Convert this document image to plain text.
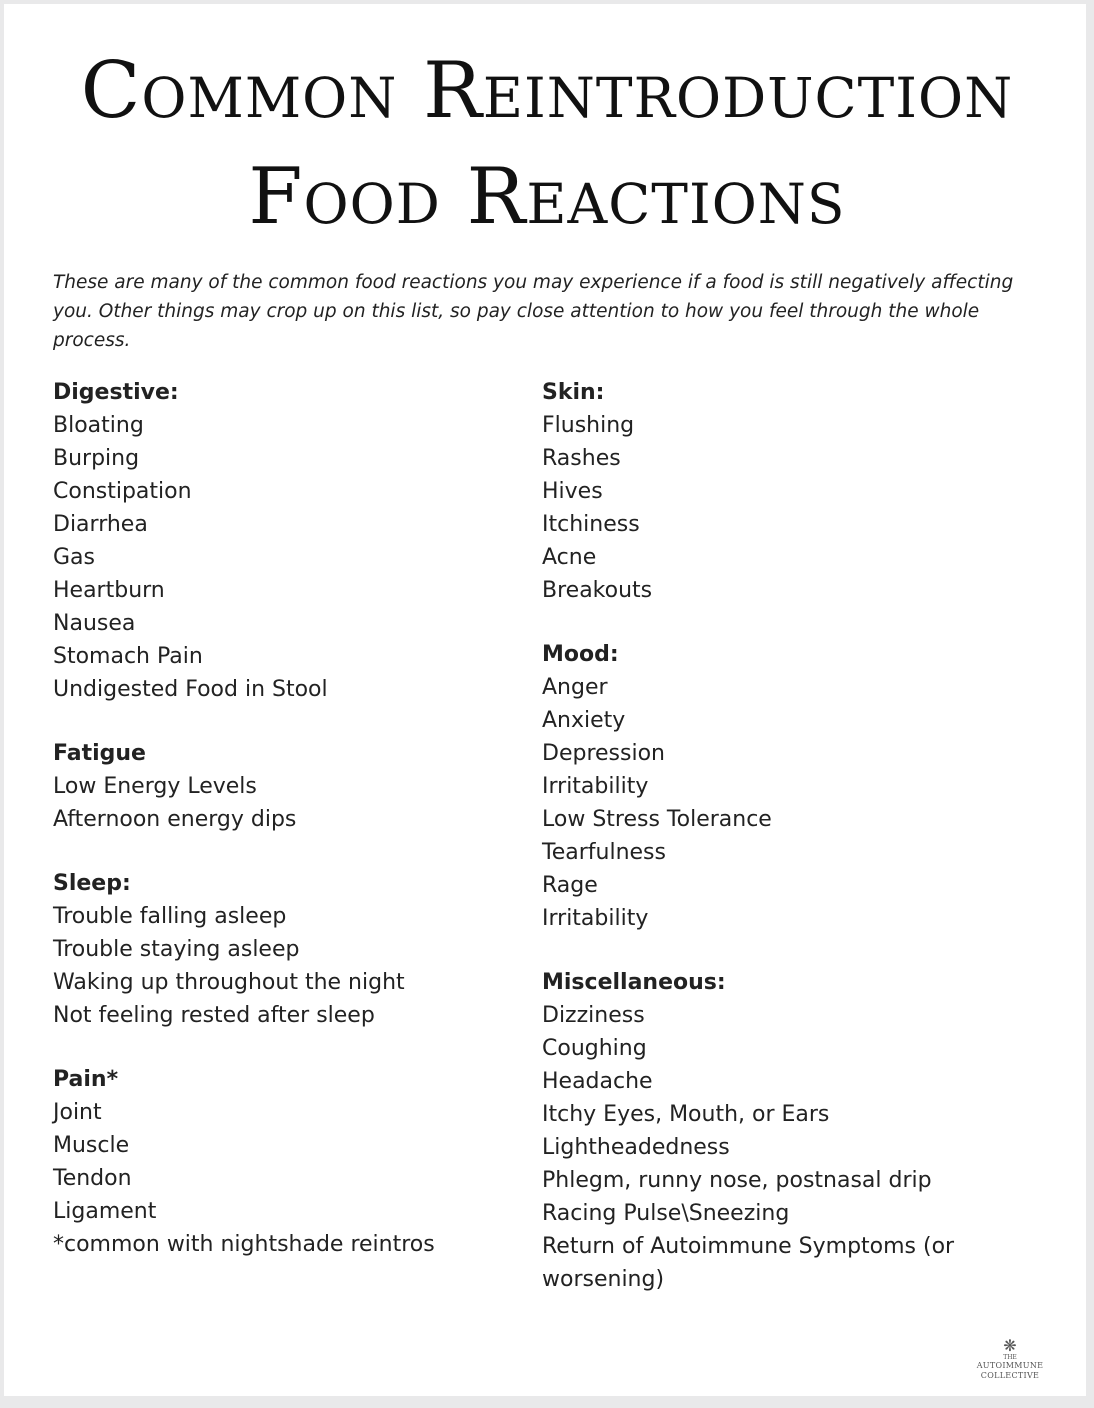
Common Reintroduction
Food Reactions

These are many of the common food reactions you may experience if a food is still negatively affecting you. Other things may crop up on this list, so pay close attention to how you feel through the whole process.

Digestive:
Bloating
Burping
Constipation
Diarrhea
Gas
Heartburn
Nausea
Stomach Pain
Undigested Food in Stool
Fatigue
Low Energy Levels
Afternoon energy dips
Sleep:
Trouble falling asleep
Trouble staying asleep
Waking up throughout the night
Not feeling rested after sleep
Pain*
Joint
Muscle
Tendon
Ligament

*common with nightshade reintros

Skin:
Flushing
Rashes
Hives
Itchiness
Acne
Breakouts
Mood:
Anger
Anxiety
Depression
Irritability
Low Stress Tolerance
Tearfulness
Rage
Irritability
Miscellaneous:
Dizziness
Coughing
Headache
Itchy Eyes, Mouth, or Ears
Lightheadedness
Phlegm, runny nose, postnasal drip
Racing Pulse\Sneezing
Return of Autoimmune Symptoms (or worsening)
❋
THE
AUTOIMMUNE COLLECTIVE
